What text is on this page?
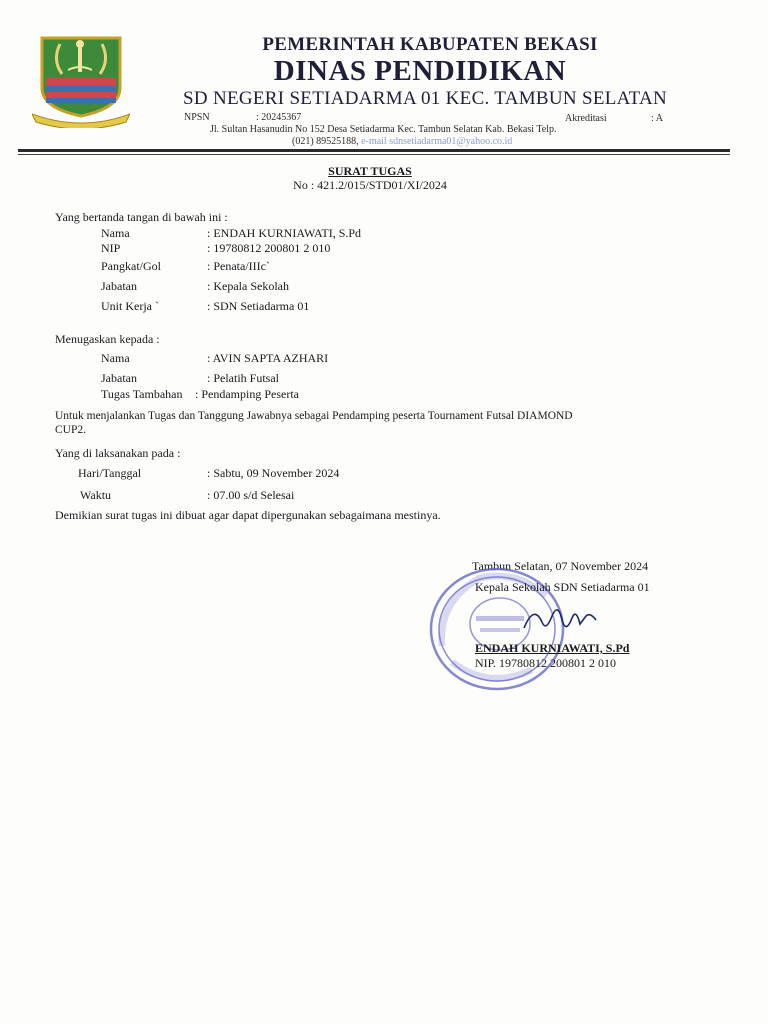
PEMERINTAH KABUPATEN BEKASI
DINAS PENDIDIKAN
SD NEGERI SETIADARMA 01 KEC. TAMBUN SELATAN
NPSN	: 20245367	Akreditasi	: A
Jl. Sultan Hasanudin No 152 Desa Setiadarma Kec. Tambun Selatan Kab. Bekasi Telp.
(021) 89525188, e-mail sdnsetiadarma01@yahoo.co.id
SURAT TUGAS
No : 421.2/015/STD01/XI/2024
Yang bertanda tangan di bawah ini :
Nama	: ENDAH KURNIAWATI, S.Pd
NIP	: 19780812 200801 2 010
Pangkat/Gol	: Penata/IIIc`
Jabatan	: Kepala Sekolah
Unit Kerja `	: SDN Setiadarma 01
Menugaskan kepada :
Nama	: AVIN SAPTA AZHARI
Jabatan	: Pelatih Futsal
Tugas Tambahan : Pendamping Peserta
Untuk menjalankan Tugas dan Tanggung Jawabnya sebagai Pendamping peserta Tournament Futsal DIAMOND
CUP2.
Yang di laksanakan pada :
Hari/Tanggal	: Sabtu, 09 November 2024
Waktu	: 07.00 s/d Selesai
Demikian surat tugas ini dibuat agar dapat dipergunakan sebagaimana mestinya.
Tambun Selatan, 07 November 2024
Kepala Sekolah SDN Setiadarma 01
ENDAH KURNIAWATI, S.Pd
NIP. 19780812 200801 2 010
